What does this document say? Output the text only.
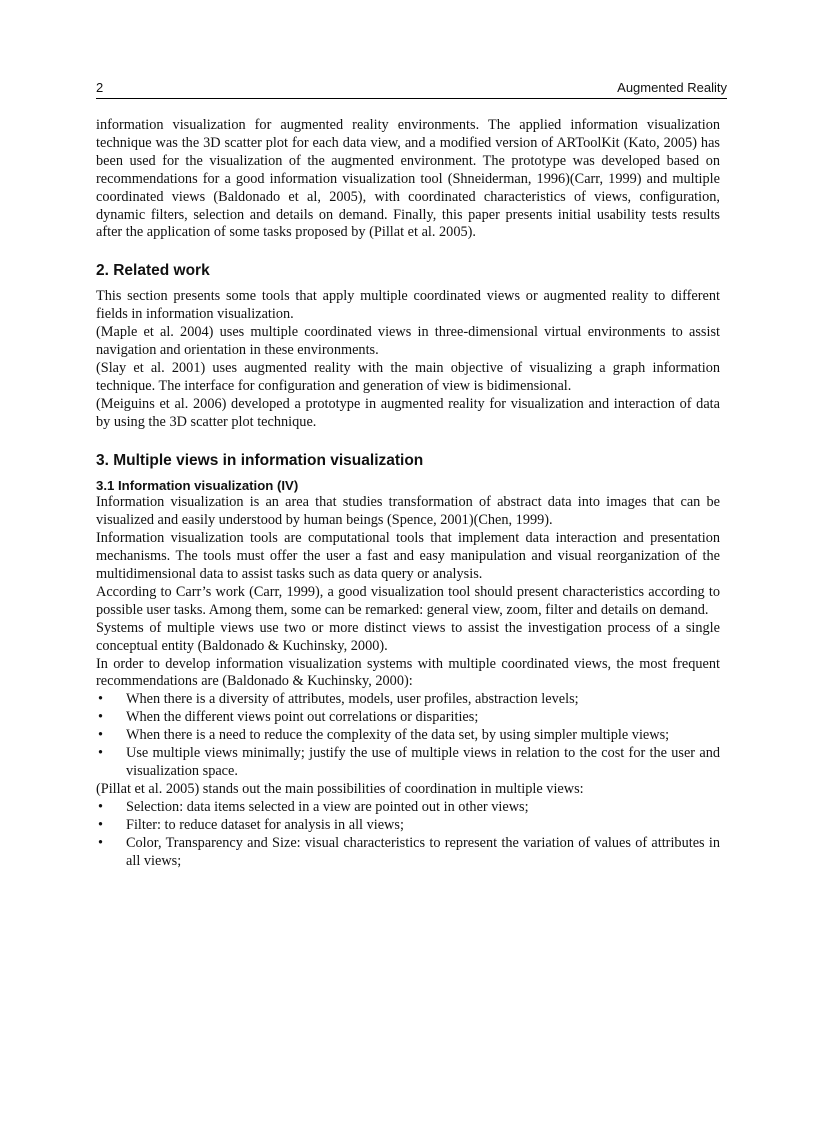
2	Augmented Reality

information visualization for augmented reality environments. The applied information visualization technique was the 3D scatter plot for each data view, and a modified version of ARToolKit (Kato, 2005) has been used for the visualization of the augmented environment. The prototype was developed based on recommendations for a good information visualization tool (Shneiderman, 1996)(Carr, 1999) and multiple coordinated views (Baldonado et al, 2005), with coordinated characteristics of views, configuration, dynamic filters, selection and details on demand. Finally, this paper presents initial usability tests results after the application of some tasks proposed by (Pillat et al. 2005).

2. Related work

This section presents some tools that apply multiple coordinated views or augmented reality to different fields in information visualization.

(Maple et al. 2004) uses multiple coordinated views in three-dimensional virtual environments to assist navigation and orientation in these environments.

(Slay et al. 2001) uses augmented reality with the main objective of visualizing a graph information technique. The interface for configuration and generation of view is bidimensional.

(Meiguins et al. 2006) developed a prototype in augmented reality for visualization and interaction of data by using the 3D scatter plot technique.

3. Multiple views in information visualization
3.1 Information visualization (IV)

Information visualization is an area that studies transformation of abstract data into images that can be visualized and easily understood by human beings (Spence, 2001)(Chen, 1999).

Information visualization tools are computational tools that implement data interaction and presentation mechanisms. The tools must offer the user a fast and easy manipulation and visual reorganization of the multidimensional data to assist tasks such as data query or analysis.

According to Carr’s work (Carr, 1999), a good visualization tool should present characteristics according to possible user tasks. Among them, some can be remarked: general view, zoom, filter and details on demand.

Systems of multiple views use two or more distinct views to assist the investigation process of a single conceptual entity (Baldonado & Kuchinsky, 2000).

In order to develop information visualization systems with multiple coordinated views, the most frequent recommendations are (Baldonado & Kuchinsky, 2000):

• When there is a diversity of attributes, models, user profiles, abstraction levels;
• When the different views point out correlations or disparities;
• When there is a need to reduce the complexity of the data set, by using simpler multiple views;
• Use multiple views minimally; justify the use of multiple views in relation to the cost for the user and visualization space.

(Pillat et al. 2005) stands out the main possibilities of coordination in multiple views:

• Selection: data items selected in a view are pointed out in other views;
• Filter: to reduce dataset for analysis in all views;
• Color, Transparency and Size: visual characteristics to represent the variation of values of attributes in all views;
